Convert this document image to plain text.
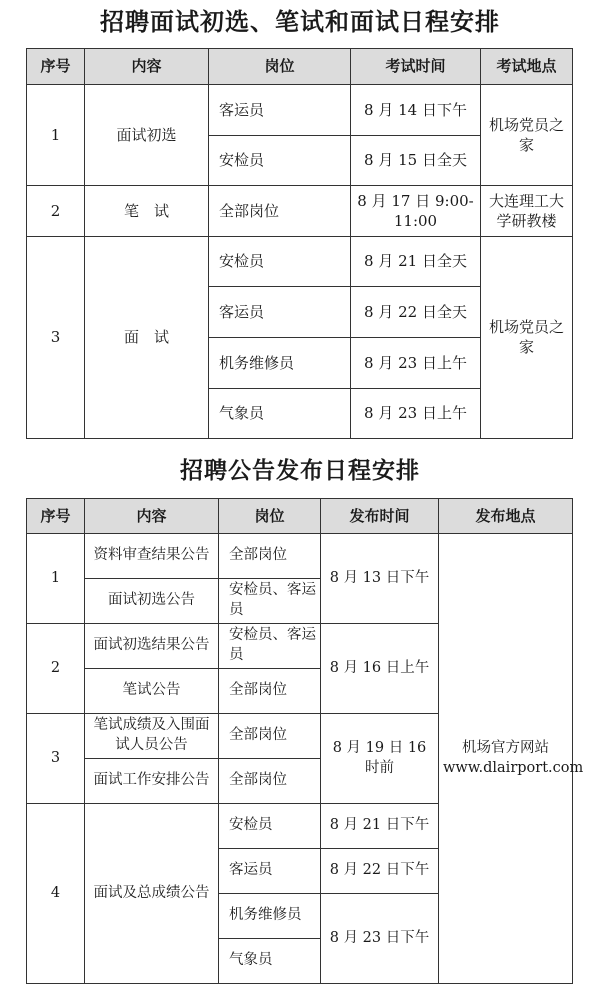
招聘面试初选、笔试和面试日程安排
序号	内容	岗位	考试时间	考试地点
1	面试初选	客运员	8 月 14 日下午	机场党员之家
		安检员	8 月 15 日全天	
2	笔　试	全部岗位	8 月 17 日 9:00-11:00	大连理工大学研教楼
3	面　试	安检员	8 月 21 日全天	机场党员之家
		客运员	8 月 22 日全天	
		机务维修员	8 月 23 日上午	
		气象员	8 月 23 日上午	
招聘公告发布日程安排
序号	内容	岗位	发布时间	发布地点
1	资料审查结果公告	全部岗位	8 月 13 日下午	机场官方网站 www.dlairport.com
	面试初选公告	安检员、客运员		
2	面试初选结果公告	安检员、客运员	8 月 16 日上午	
	笔试公告	全部岗位		
3	笔试成绩及入围面试人员公告	全部岗位	8 月 19 日 16 时前	
	面试工作安排公告	全部岗位		
4	面试及总成绩公告	安检员	8 月 21 日下午	
		客运员	8 月 22 日下午	
		机务维修员	8 月 23 日下午	
		气象员		
